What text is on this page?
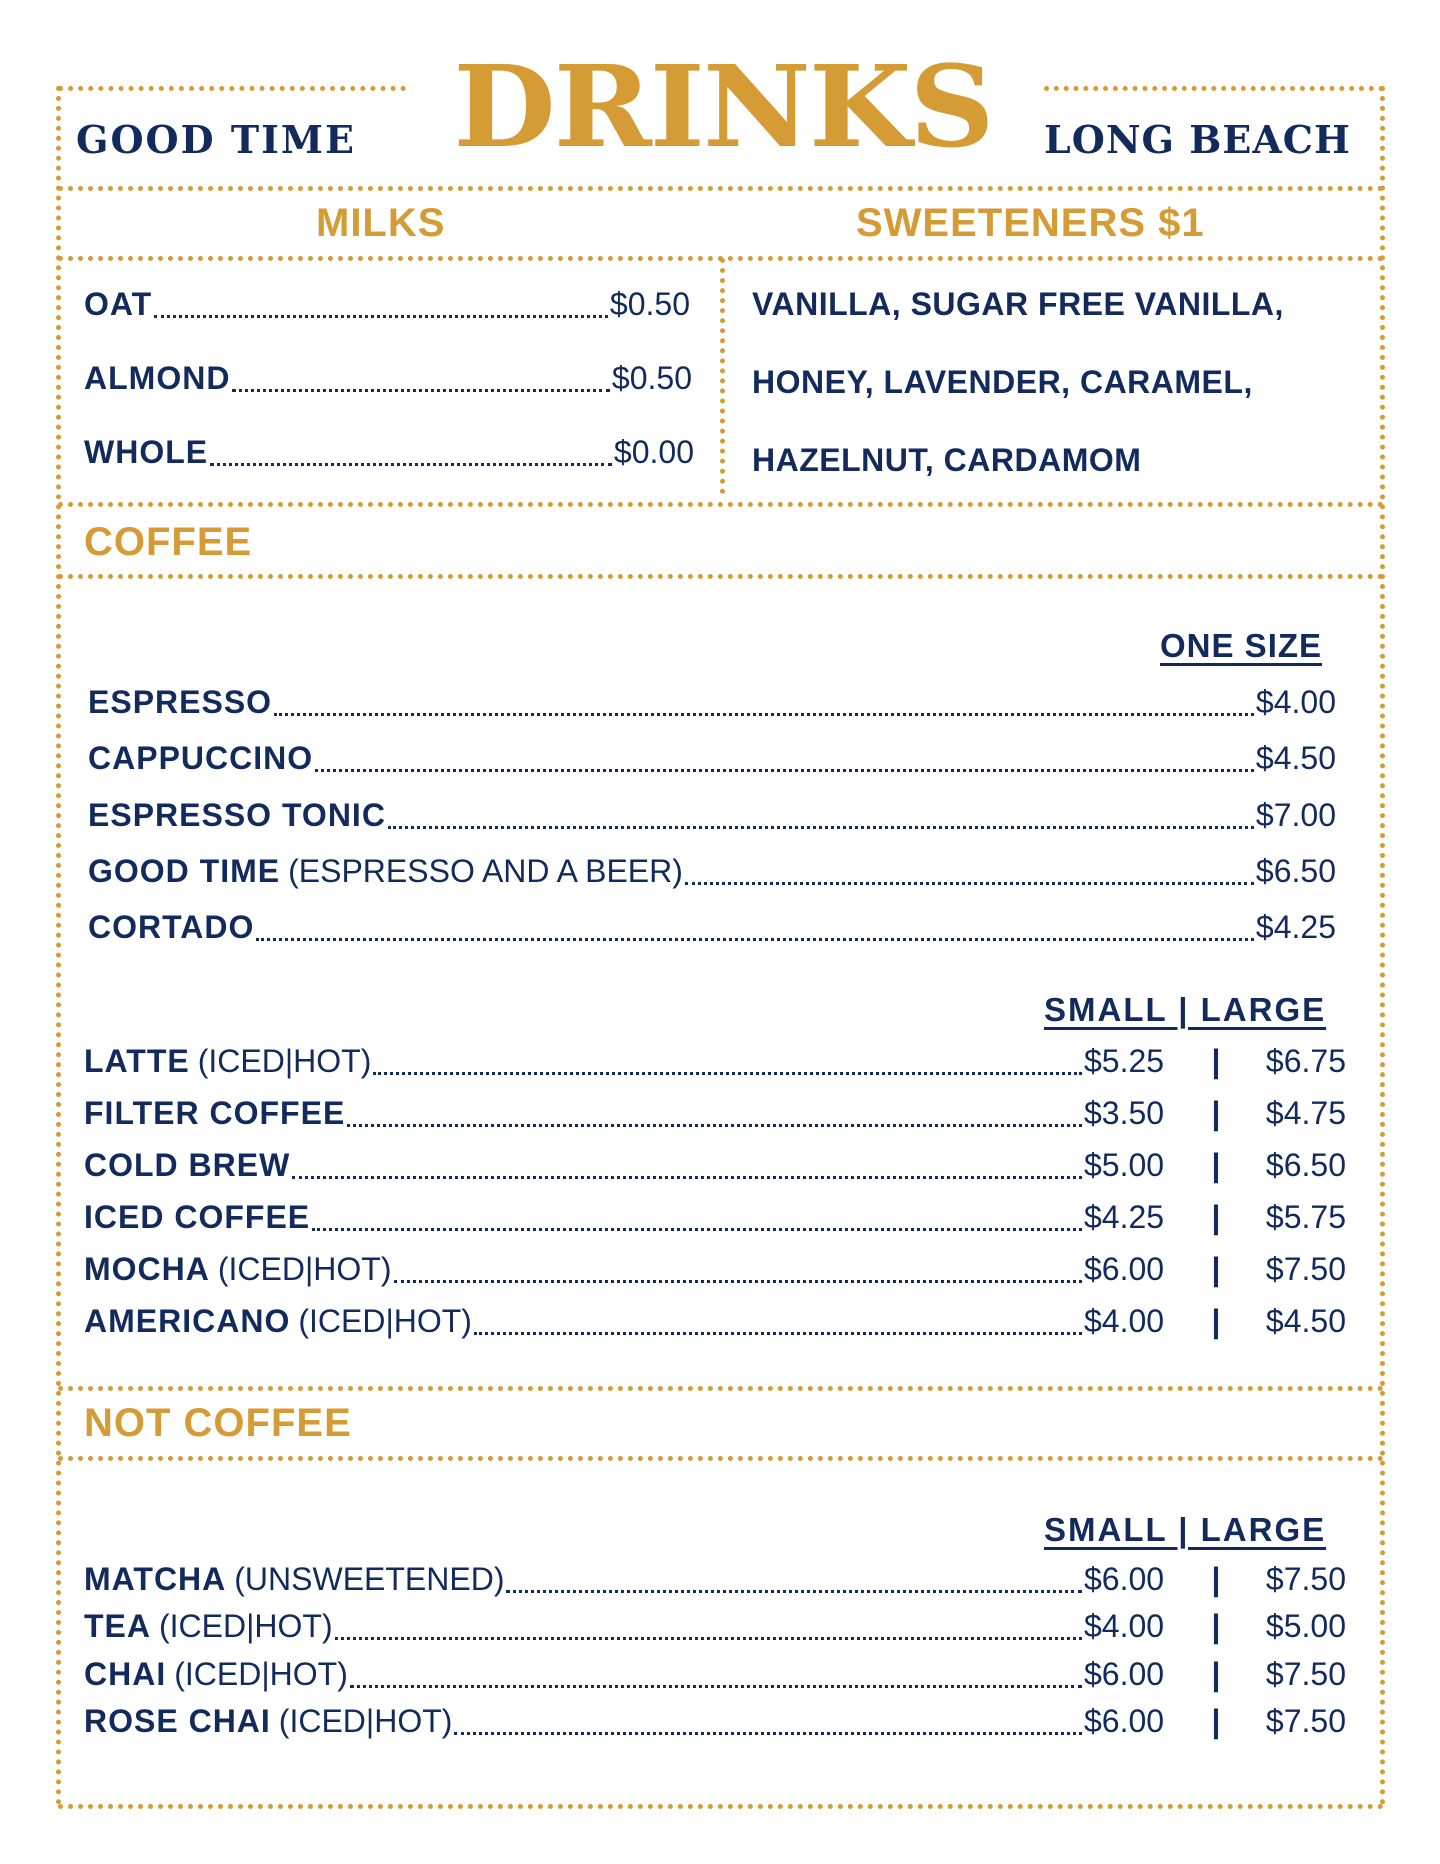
GOOD TIME DRINKS	LONG BEACH
MILKS	SWEETENERS $1
OAT	$0.50
ALMOND	$0.50
WHOLE	$0.00
VANILLA, SUGAR FREE VANILLA,
HONEY, LAVENDER, CARAMEL,
HAZELNUT, CARDAMOM
COFFEE
ONE SIZE
ESPRESSO	$4.00
CAPPUCCINO	$4.50
ESPRESSO TONIC	$7.00
GOOD TIME (ESPRESSO AND A BEER)	$6.50
CORTADO	$4.25
SMALL | LARGE
LATTE (ICED|HOT)	$5.25	|	$6.75
FILTER COFFEE	$3.50	|	$4.75
COLD BREW	$5.00	|	$6.50
ICED COFFEE	$4.25	|	$5.75
MOCHA (ICED|HOT)	$6.00	|	$7.50
AMERICANO (ICED|HOT)	$4.00	|	$4.50
NOT COFFEE
SMALL | LARGE
MATCHA (UNSWEETENED)	$6.00	|	$7.50
TEA (ICED|HOT)	$4.00	|	$5.00
CHAI (ICED|HOT)	$6.00	|	$7.50
ROSE CHAI (ICED|HOT)	$6.00	|	$7.50
